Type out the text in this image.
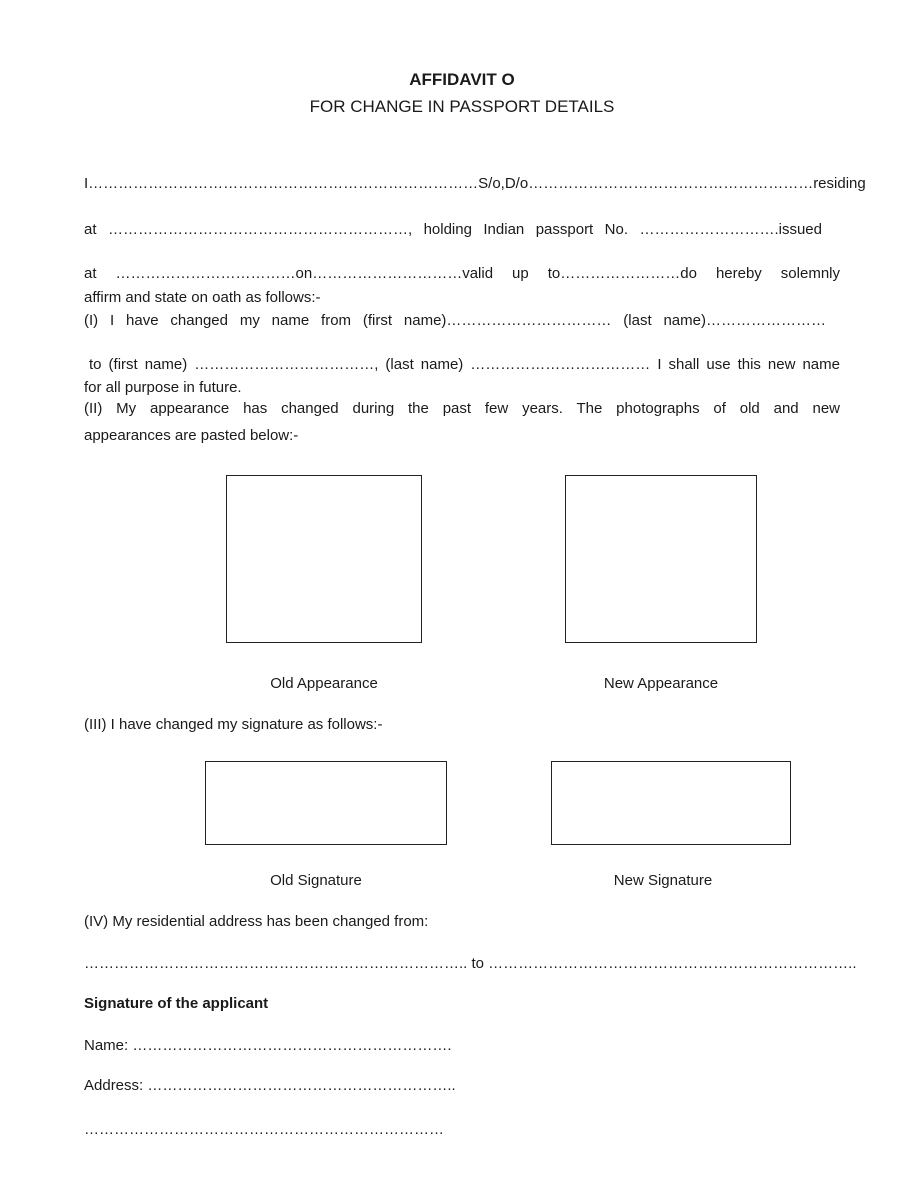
AFFIDAVIT O
FOR CHANGE IN PASSPORT DETAILS
I……………………………………………………………………S/o,D/o…………………………………………………residing
at ……………………………………………………, holding Indian passport No. ……………………….issued
at ………………………………on…………………………valid up to……………………do hereby solemnly
affirm and state on oath as follows:-
(I) I have changed my name from (first name)…………………………… (last name)……………………
to (first name) ………………………………, (last name) ……………………………… I shall use this new name
for all purpose in future.
(II) My appearance has changed during the past few years. The photographs of old and new
appearances are pasted below:-
Old Appearance	New Appearance
(III) I have changed my signature as follows:-
Old Signature	New Signature
(IV) My residential address has been changed from:
………………………………………………………………….. to ………………………………………………………………..
Signature of the applicant
Name: ……………………………………………………….
Address: ……………………………………………………..
………………………………………………………………
